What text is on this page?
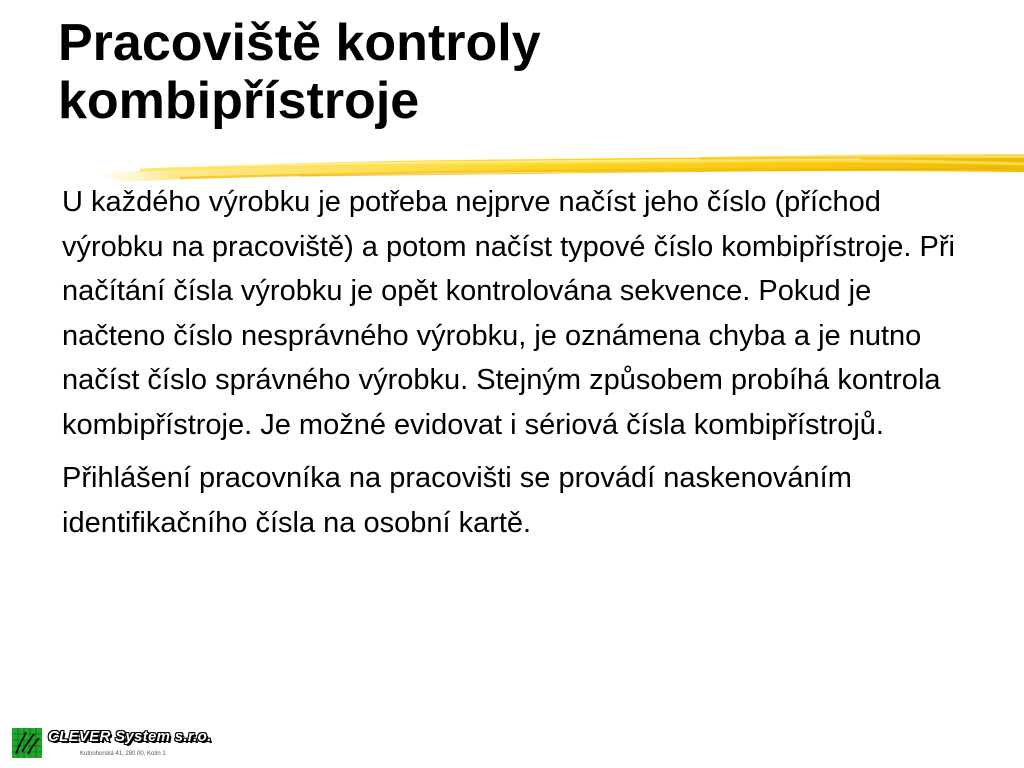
Pracoviště kontroly
kombipřístroje

U každého výrobku je potřeba nejprve načíst jeho číslo (příchod výrobku na pracoviště) a potom načíst typové číslo kombipřístroje. Při načítání čísla výrobku je opět kontrolována sekvence. Pokud je načteno číslo nesprávného výrobku, je oznámena chyba a je nutno načíst číslo správného výrobku. Stejným způsobem probíhá kontrola kombipřístroje. Je možné evidovat i sériová čísla kombipřístrojů.

Přihlášení pracovníka na pracovišti se provádí naskenováním identifikačního čísla na osobní kartě.

CLEVER System s.r.o.
Kutnohorská 41, 280 00, Kolín 1
